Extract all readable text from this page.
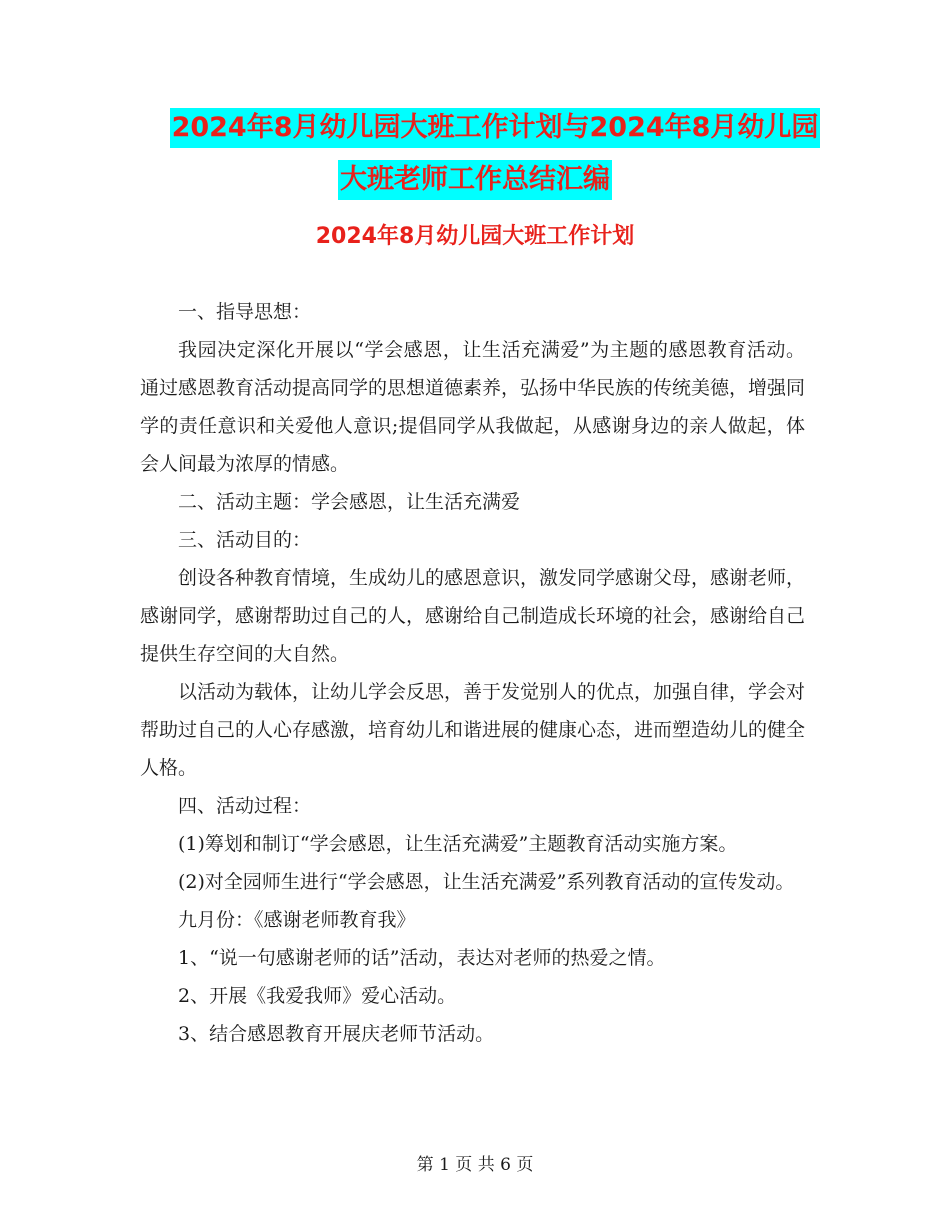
2024年8月幼儿园大班工作计划与2024年8月幼儿园
大班老师工作总结汇编
2024年8月幼儿园大班工作计划

一、指导思想：

我园决定深化开展以“学会感恩，让生活充满爱”为主题的感恩教育活动。通过感恩教育活动提高同学的思想道德素养，弘扬中华民族的传统美德，增强同学的责任意识和关爱他人意识;提倡同学从我做起，从感谢身边的亲人做起，体会人间最为浓厚的情感。

二、活动主题：学会感恩，让生活充满爱

三、活动目的：

创设各种教育情境，生成幼儿的感恩意识，激发同学感谢父母，感谢老师，感谢同学，感谢帮助过自己的人，感谢给自己制造成长环境的社会，感谢给自己提供生存空间的大自然。

以活动为载体，让幼儿学会反思，善于发觉别人的优点，加强自律，学会对帮助过自己的人心存感激，培育幼儿和谐进展的健康心态，进而塑造幼儿的健全人格。

四、活动过程：

(1)筹划和制订“学会感恩，让生活充满爱”主题教育活动实施方案。

(2)对全园师生进行“学会感恩，让生活充满爱”系列教育活动的宣传发动。

九月份：《感谢老师教育我》

1、“说一句感谢老师的话”活动，表达对老师的热爱之情。

2、开展《我爱我师》爱心活动。

3、结合感恩教育开展庆老师节活动。

第 1 页 共 6 页
